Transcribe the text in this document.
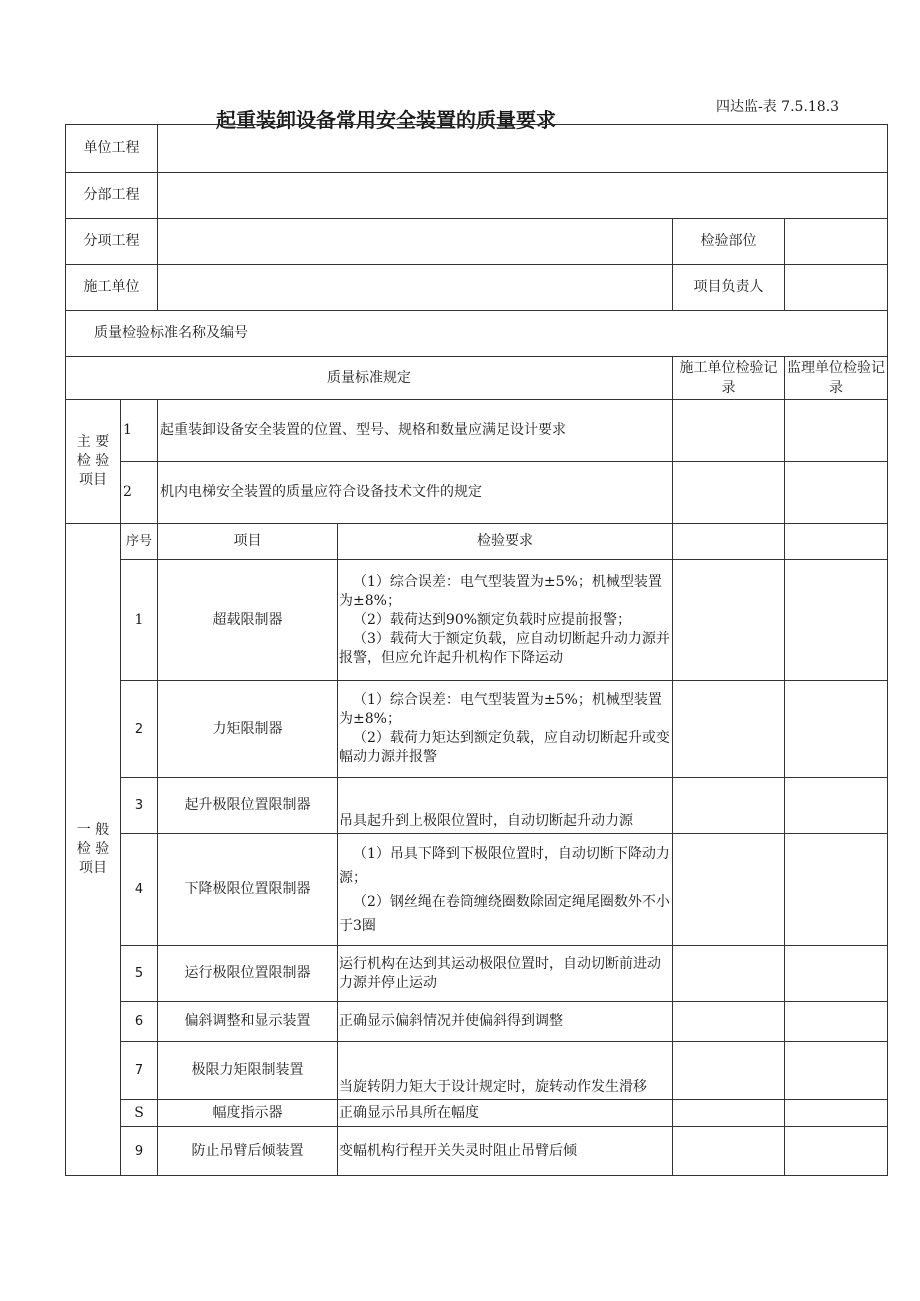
四达监-表 7.5.18.3
起重装卸设备常用安全装置的质量要求
单位工程					
分部工程					
分项工程				检验部位	
施工单位				项目负责人	
质量检验标准名称及编号					
质量标准规定				施工单位检验记录	监理单位检验记录
主 要 检 验 项目	1	起重装卸设备安全装置的位置、型号、规格和数量应满足设计要求			
	2	机内电梯安全装置的质量应符合设备技术文件的规定			
一 般 检 验 项目	序号	项目	检验要求		
	1	超载限制器	（1）综合误差：电气型装置为±5%；机械型装置为±8%；
（2）载荷达到90%额定负载时应提前报警；
（3）载荷大于额定负载，应自动切断起升动力源并报警，但应允许起升机构作下降运动		

	2	力矩限制器	（1）综合误差：电气型装置为±5%；机械型装置为±8%；
（2）载荷力矩达到额定负载，应自动切断起升或变幅动力源并报警		

	3	起升极限位置限制器	吊具起升到上极限位置时，自动切断起升动力源		

	4	下降极限位置限制器	（1）吊具下降到下极限位置时，自动切断下降动力源；
（2）钢丝绳在卷筒缠绕圈数除固定绳尾圈数外不小于3圈		

	5	运行极限位置限制器	运行机构在达到其运动极限位置时，自动切断前进动力源并停止运动		

	6	偏斜调整和显示装置	正确显示偏斜情况并使偏斜得到调整		

	7	极限力矩限制装置	当旋转阴力矩大于设计规定时，旋转动作发生滑移		

	S	幅度指示器	正确显示吊具所在幅度		

	9	防止吊臂后倾装置	变幅机构行程开关失灵时阻止吊臂后倾		
